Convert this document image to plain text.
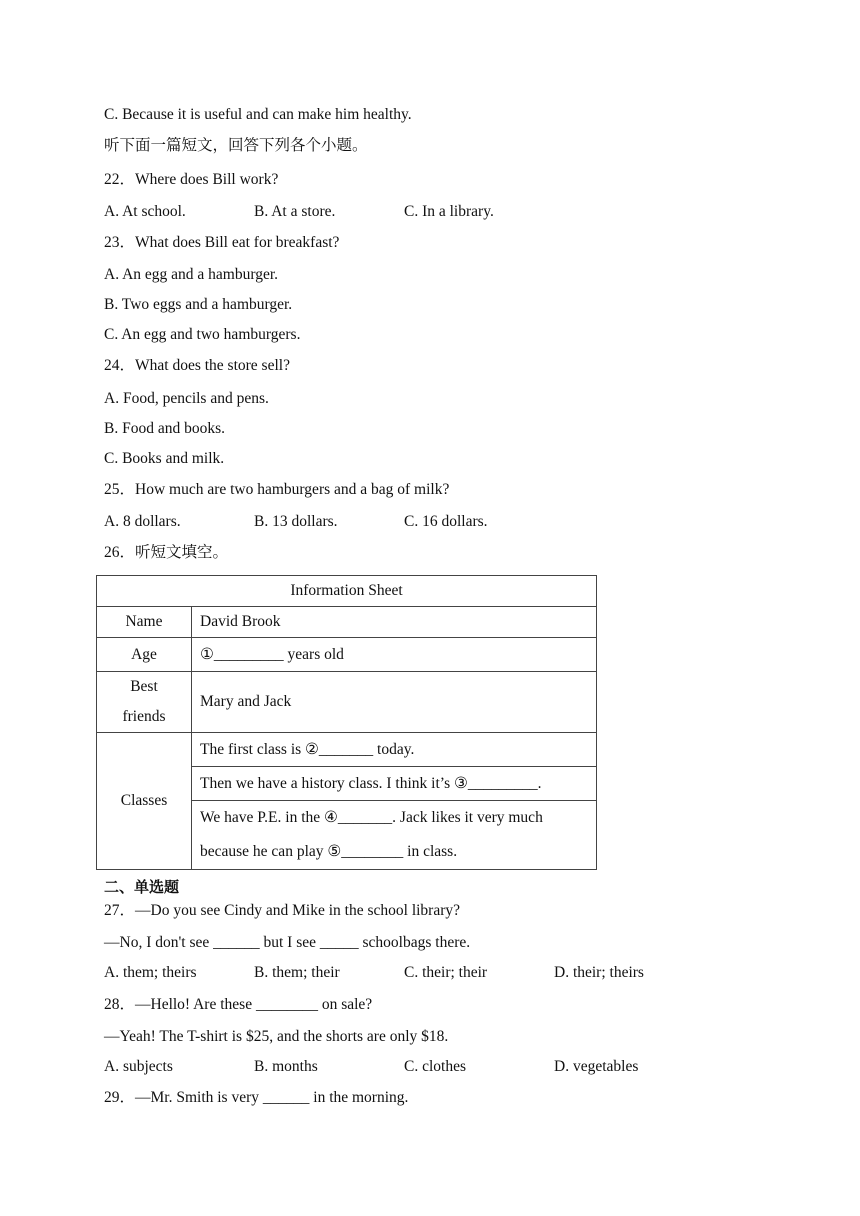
C. Because it is useful and can make him healthy.
听下面一篇短文，回答下列各个小题。
22．Where does Bill work?
A. At school.	B. At a store.	C. In a library.
23．What does Bill eat for breakfast?
A. An egg and a hamburger.
B. Two eggs and a hamburger.
C. An egg and two hamburgers.
24．What does the store sell?
A. Food, pencils and pens.
B. Food and books.
C. Books and milk.
25．How much are two hamburgers and a bag of milk?
A. 8 dollars.	B. 13 dollars.	C. 16 dollars.
26．听短文填空。
Information Sheet	
Name	David Brook
Age	①_________ years old
Best
friends	Mary and Jack
Classes	The first class is ②_______ today.
	Then we have a history class. I think it’s ③_________.
	We have P.E. in the ④_______. Jack likes it very much
because he can play ⑤________ in class.
二、单选题
27．—Do you see Cindy and Mike in the school library?
—No, I don't see ______ but I see _____ schoolbags there.
A. them; theirs	B. them; their	C. their; their	D. their; theirs
28．—Hello! Are these ________ on sale?
—Yeah! The T-shirt is $25, and the shorts are only $18.
A. subjects	B. months	C. clothes	D. vegetables
29．—Mr. Smith is very ______ in the morning.
